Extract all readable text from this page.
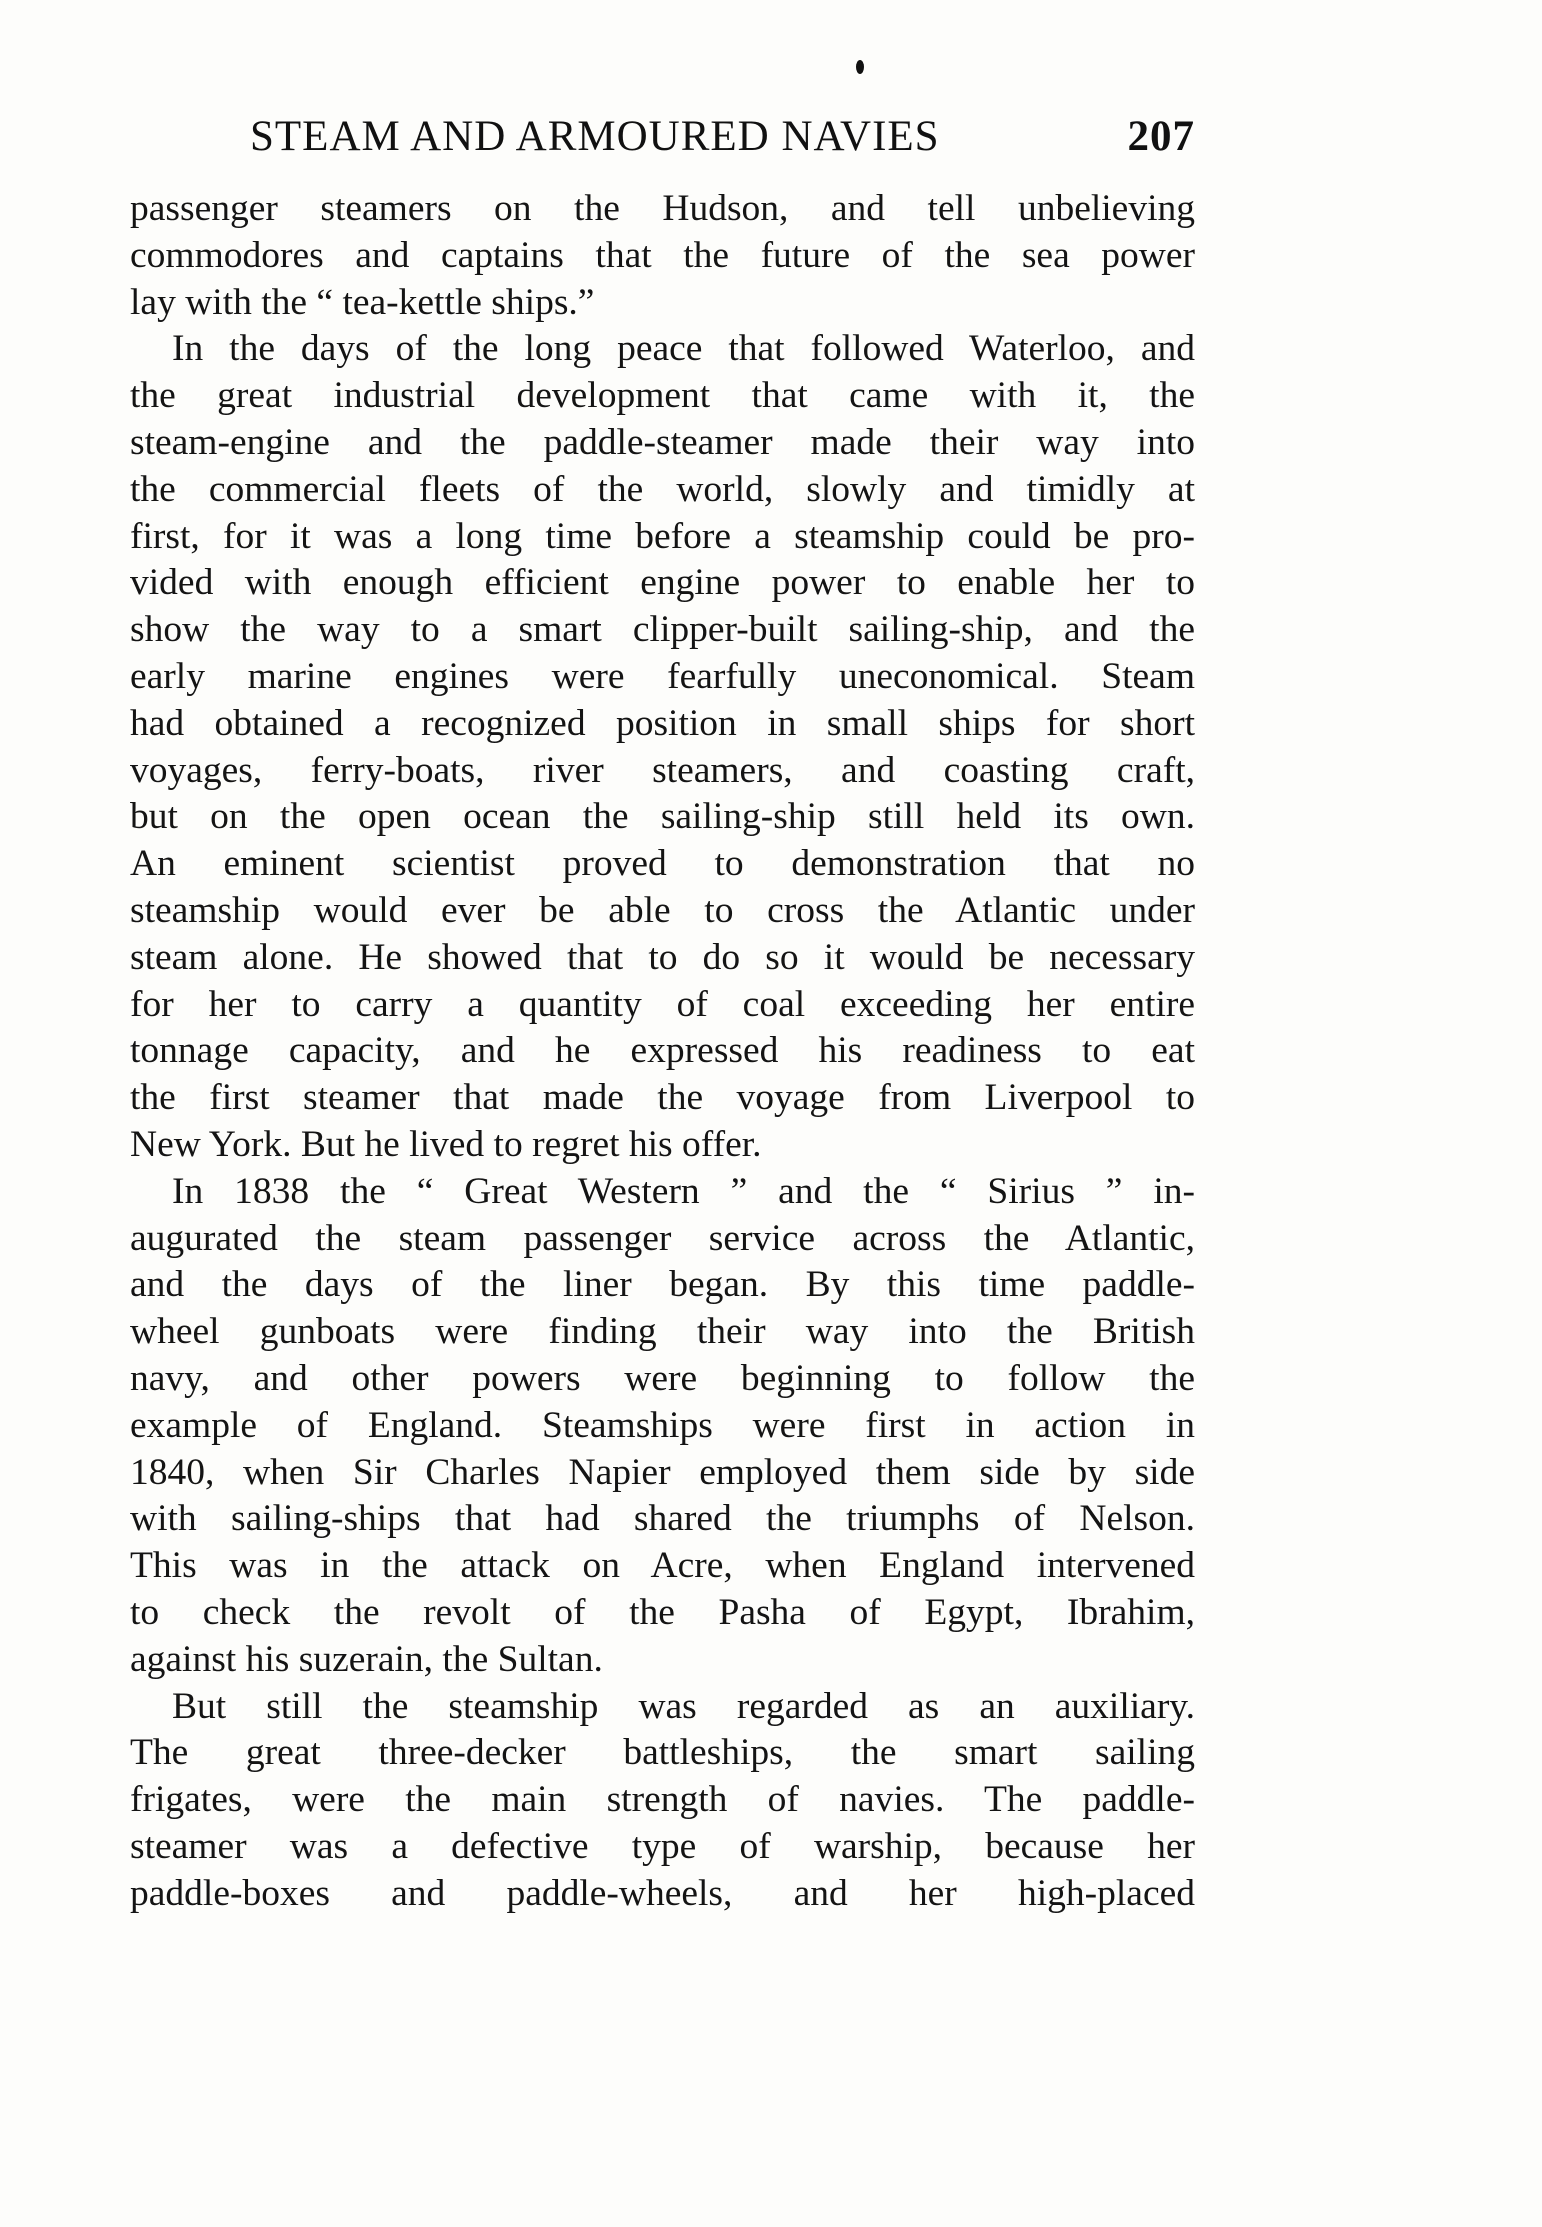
STEAM AND ARMOURED NAVIES	207
passenger steamers on the Hudson, and tell unbelieving
commodores and captains that the future of the sea power
lay with the “ tea-kettle ships.”
In the days of the long peace that followed Waterloo, and
the great industrial development that came with it, the
steam-engine and the paddle-steamer made their way into
the commercial fleets of the world, slowly and timidly at
first, for it was a long time before a steamship could be pro-
vided with enough efficient engine power to enable her to
show the way to a smart clipper-built sailing-ship, and the
early marine engines were fearfully uneconomical. Steam
had obtained a recognized position in small ships for short
voyages, ferry-boats, river steamers, and coasting craft,
but on the open ocean the sailing-ship still held its own.
An eminent scientist proved to demonstration that no
steamship would ever be able to cross the Atlantic under
steam alone. He showed that to do so it would be necessary
for her to carry a quantity of coal exceeding her entire
tonnage capacity, and he expressed his readiness to eat
the first steamer that made the voyage from Liverpool to
New York. But he lived to regret his offer.
In 1838 the “ Great Western ” and the “ Sirius ” in-
augurated the steam passenger service across the Atlantic,
and the days of the liner began. By this time paddle-
wheel gunboats were finding their way into the British
navy, and other powers were beginning to follow the
example of England. Steamships were first in action in
1840, when Sir Charles Napier employed them side by side
with sailing-ships that had shared the triumphs of Nelson.
This was in the attack on Acre, when England intervened
to check the revolt of the Pasha of Egypt, Ibrahim,
against his suzerain, the Sultan.
But still the steamship was regarded as an auxiliary.
The great three-decker battleships, the smart sailing
frigates, were the main strength of navies. The paddle-
steamer was a defective type of warship, because her
paddle-boxes and paddle-wheels, and her high-placed
